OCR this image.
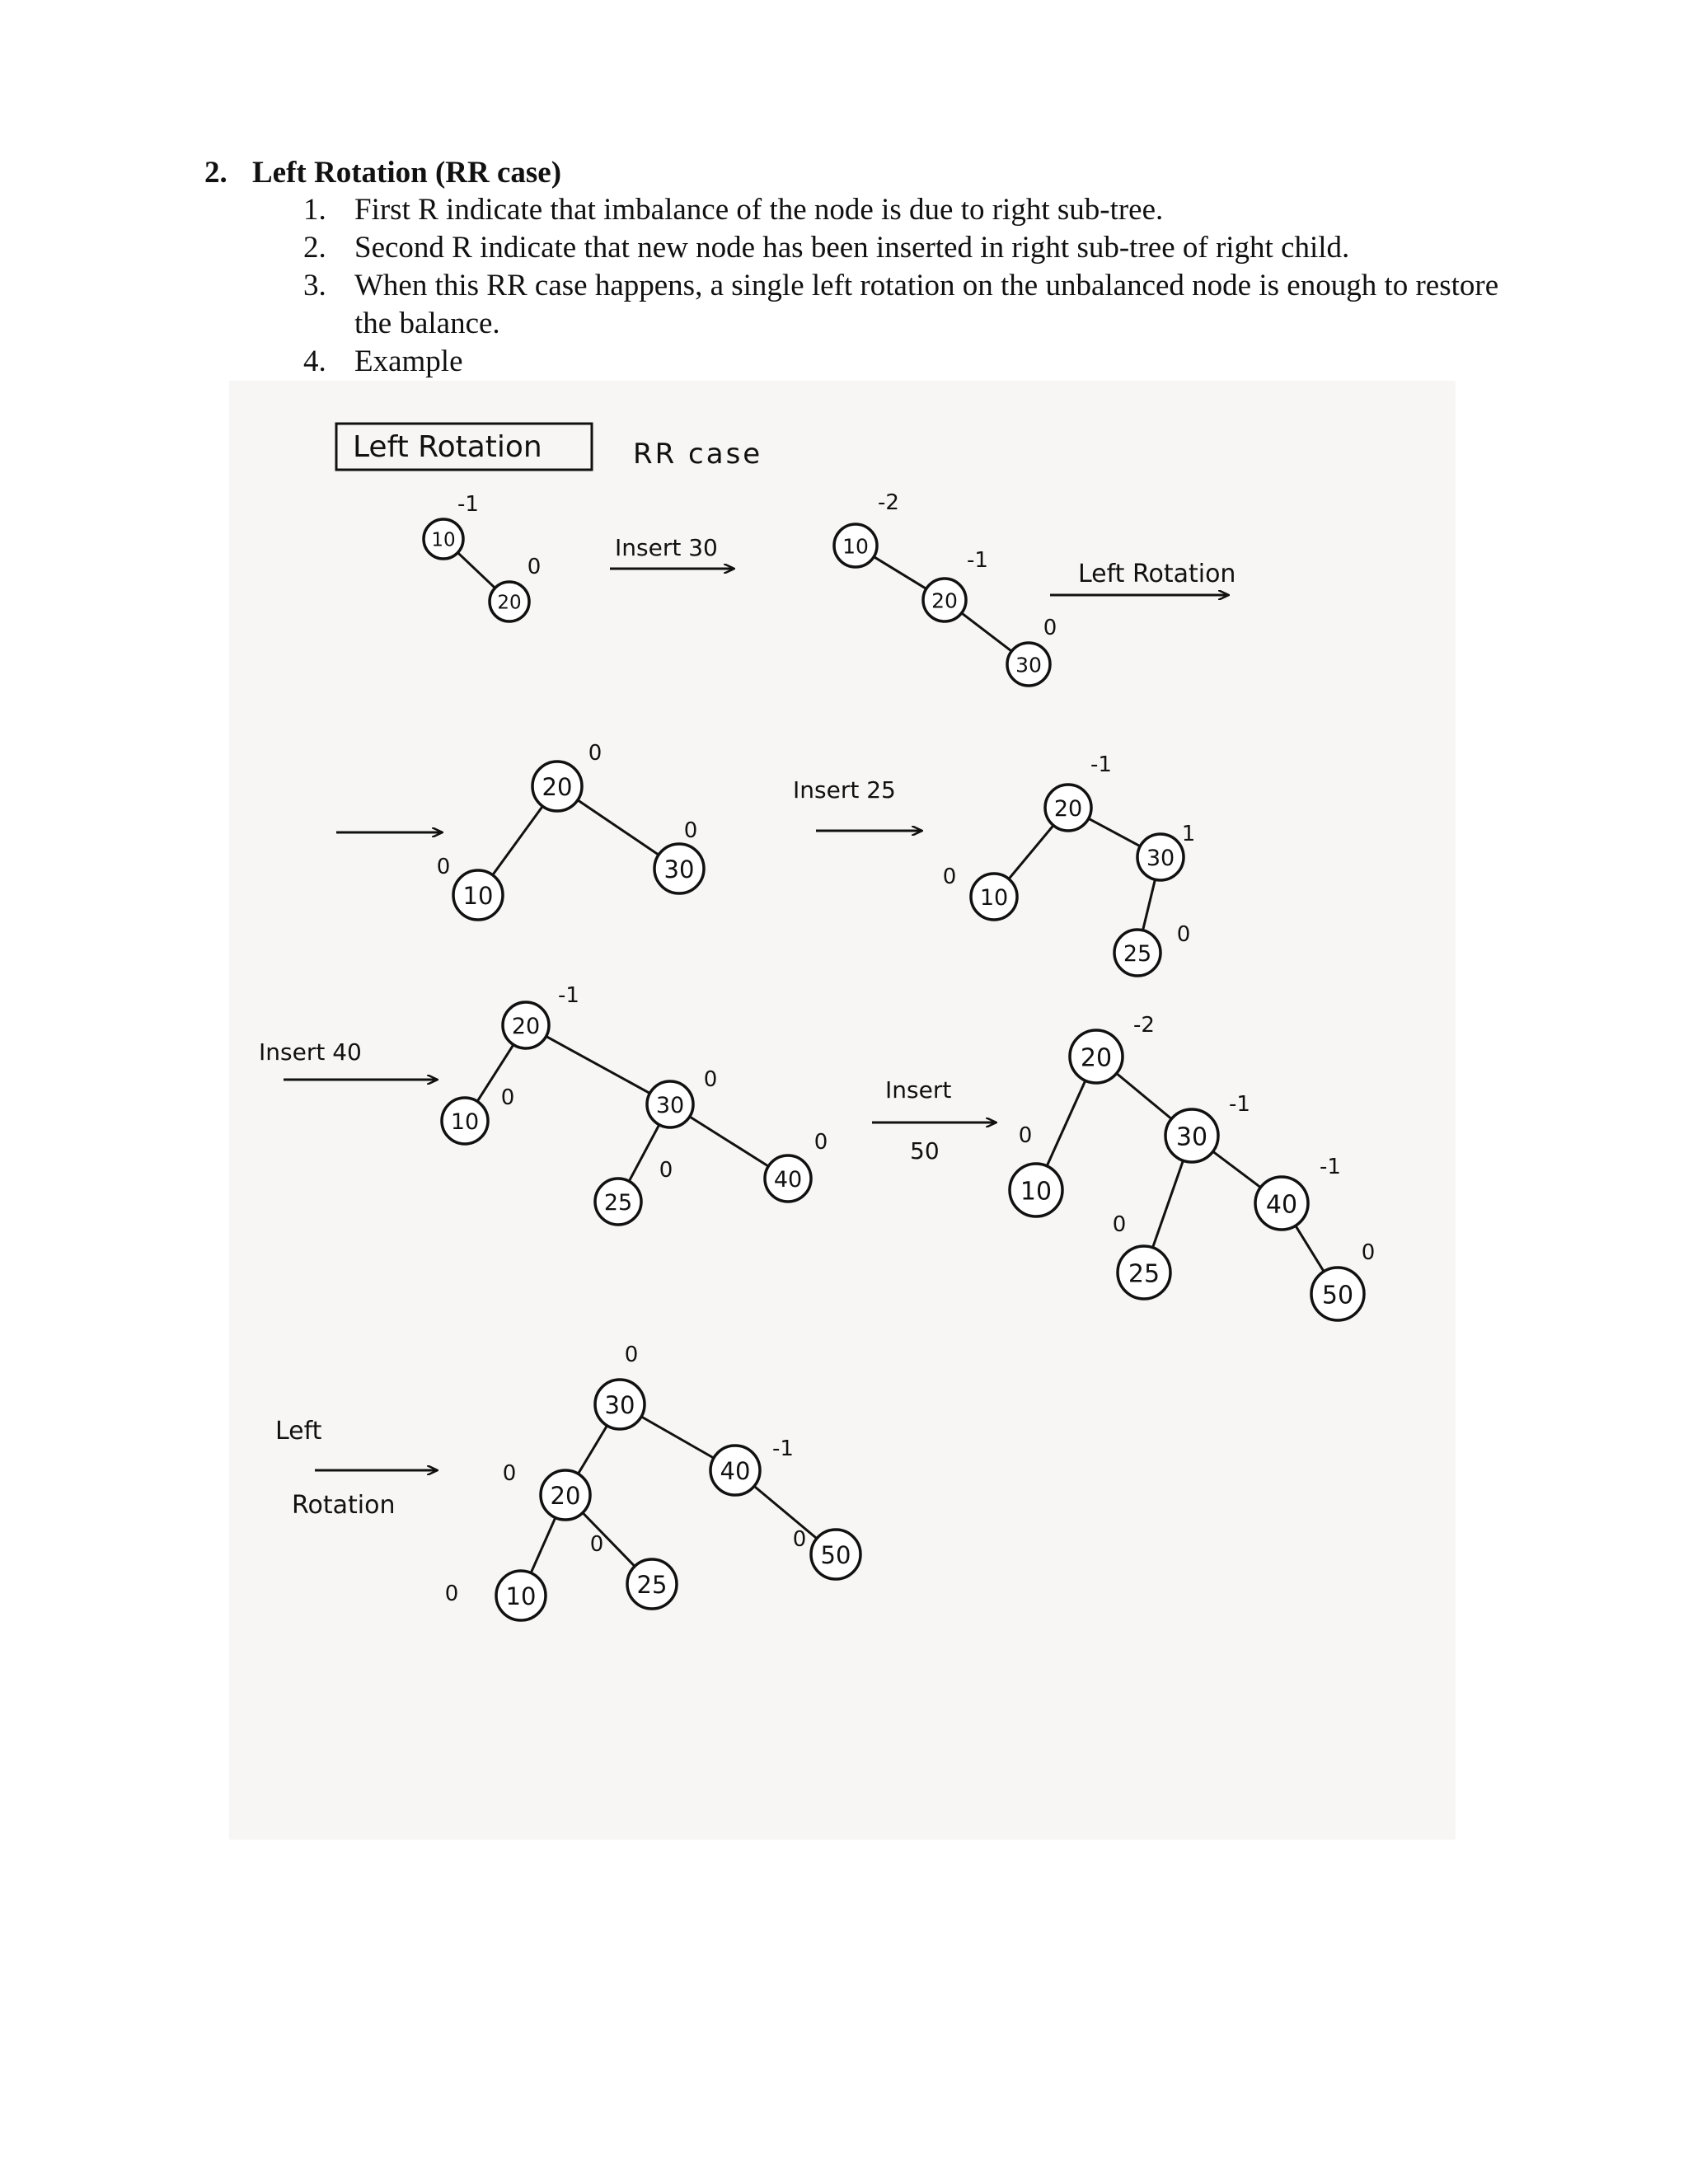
2. Left Rotation (RR case)
1. First R indicate that imbalance of the node is due to right sub-tree.
2. Second R indicate that new node has been inserted in right sub-tree of right child.
3. When this RR case happens, a single left rotation on the unbalanced node is enough to restore the balance.
4. Example
Left Rotation	RR case
Insert 30
Left Rotation
Insert 25
Insert 40
Insert
50
Left
Rotation
10
-1
20
0
10
-2
20
-1
30
0
20
0
10
0	30
0
20
-1
10
0
30
1
25
0
20
-1
10
0	30
0
25
0	40
0
20
-2
10
0	30
-1
25
0
40
-1
50
0
30
0
20
0	40
-1
10
0	25
0	50
0
